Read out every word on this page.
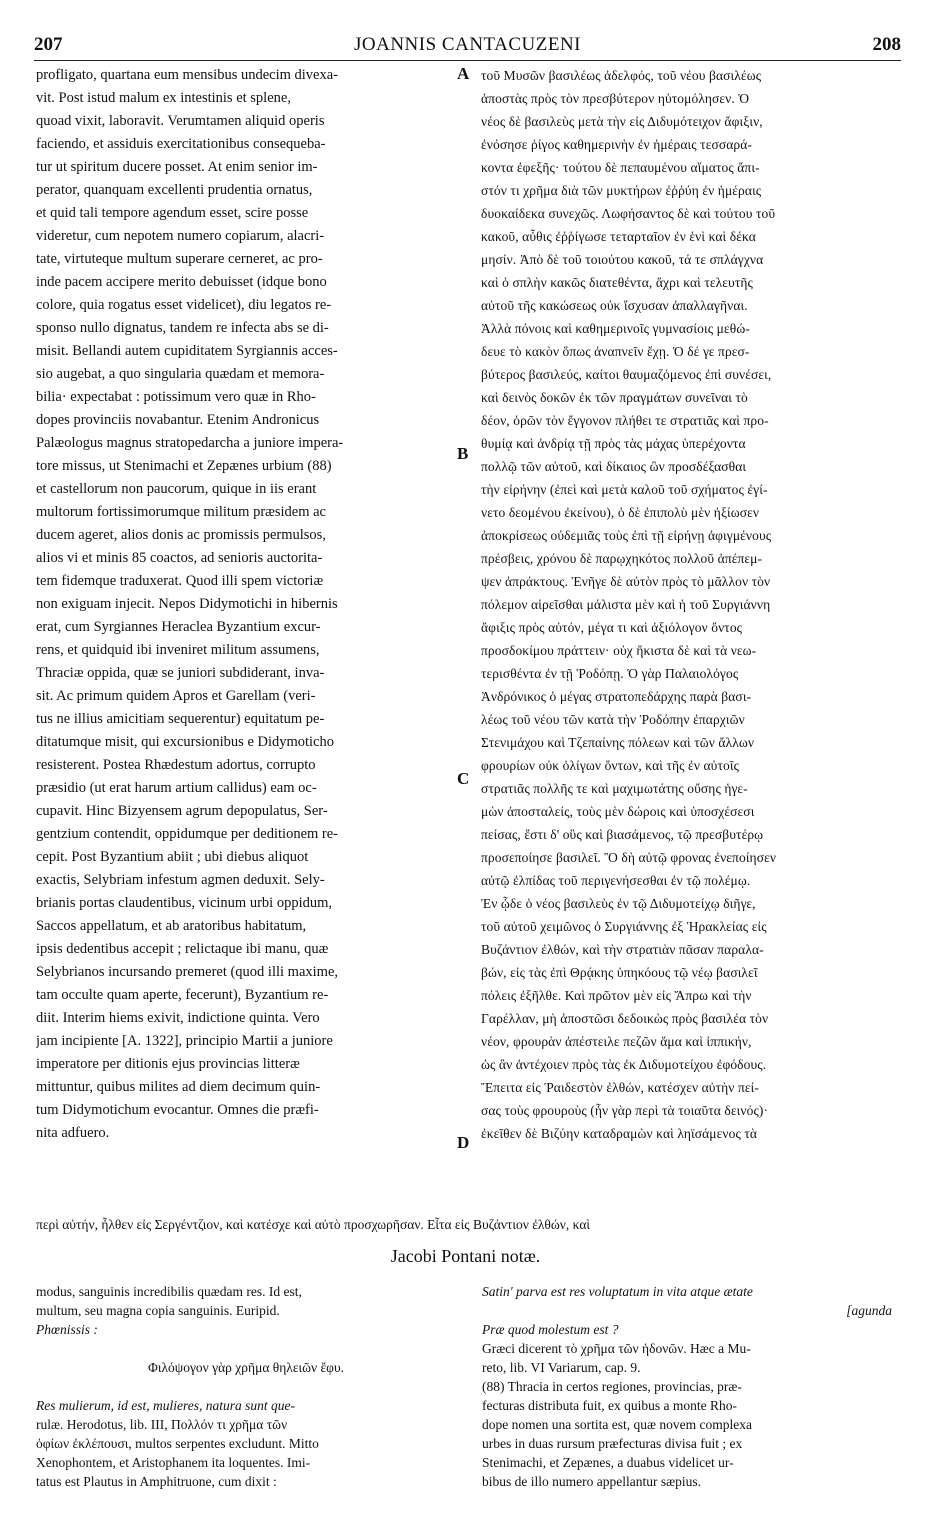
207	JOANNIS CANTACUZENI	208
profligato, quartana eum mensibus undecim divexa-
vit. Post istud malum ex intestinis et splene,
quoad vixit, laboravit. Verumtamen aliquid operis
faciendo, et assiduis exercitationibus consequeba-
tur ut spiritum ducere posset. At enim senior im-
perator, quanquam excellenti prudentia ornatus,
et quid tali tempore agendum esset, scire posse
videretur, cum nepotem numero copiarum, alacri-
tate, virtuteque multum superare cerneret, ac pro-
inde pacem accipere merito debuisset (idque bono
colore, quia rogatus esset videlicet), diu legatos re-
sponso nullo dignatus, tandem re infecta abs se di-
misit. Bellandi autem cupiditatem Syrgiannis acces-
sio augebat, a quo singularia quædam et memora-
bilia· expectabat : potissimum vero quæ in Rho-
dopes provinciis novabantur. Etenim Andronicus
Palæologus magnus stratopedarcha a juniore impera-
tore missus, ut Stenimachi et Zepænes urbium (88)
et castellorum non paucorum, quique in iis erant
multorum fortissimorumque militum præsidem ac
ducem ageret, alios donis ac promissis permulsos,
alios vi et minis 85 coactos, ad senioris auctorita-
tem fidemque traduxerat. Quod illi spem victoriæ
non exiguam injecit. Nepos Didymotichi in hibernis
erat, cum Syrgiannes Heraclea Byzantium excur-
rens, et quidquid ibi inveniret militum assumens,
Thraciæ oppida, quæ se juniori subdiderant, inva-
sit. Ac primum quidem Apros et Garellam (veri-
tus ne illius amicitiam sequerentur) equitatum pe-
ditatumque misit, qui excursionibus e Didymoticho
resisterent. Postea Rhædestum adortus, corrupto
præsidio (ut erat harum artium callidus) eam oc-
cupavit. Hinc Bizyensem agrum depopulatus, Ser-
gentzium contendit, oppidumque per deditionem re-
cepit. Post Byzantium abiit ; ubi diebus aliquot
exactis, Selybriam infestum agmen deduxit. Sely-
brianis portas claudentibus, vicinum urbi oppidum,
Saccos appellatum, et ab aratoribus habitatum,
ipsis dedentibus accepit ; relictaque ibi manu, quæ
Selybrianos incursando premeret (quod illi maxime,
tam occulte quam aperte, fecerunt), Byzantium re-
diit. Interim hiems exivit, indictione quinta. Vero
jam incipiente [A. 1322], principio Martii a juniore
imperatore per ditionis ejus provincias litteræ
mittuntur, quibus milites ad diem decimum quin-
tum Didymotichum evocantur. Omnes die præfi-
nita adfuero.
τοῦ Μυσῶν βασιλέως ἀδελφός, τοῦ νέου βασιλέως
ἀποστὰς πρὸς τὸν πρεσβύτερον ηὐτομόλησεν. Ὁ
νέος δὲ βασιλεὺς μετὰ τὴν εἰς Διδυμότειχον ἄφιξιν,
ἐνόσησε ῥίγος καθημερινὴν ἐν ἡμέραις τεσσαρά-
κοντα ἐφεξῆς· τούτου δὲ πεπαυμένου αἵματος ἄπι-
στόν τι χρῆμα διὰ τῶν μυκτήρων ἐῤῥύη ἐν ἡμέραις
δυοκαίδεκα συνεχῶς. Λωφήσαντος δὲ καὶ τούτου τοῦ
κακοῦ, αὖθις ἐῤῥίγωσε τεταρταῖον ἐν ἑνὶ καὶ δέκα
μησίν. Ἀπὸ δὲ τοῦ τοιούτου κακοῦ, τά τε σπλάγχνα
καὶ ὁ σπλὴν κακῶς διατεθέντα, ἄχρι καὶ τελευτῆς
αὐτοῦ τῆς κακώσεως οὐκ ἴσχυσαν ἀπαλλαγῆναι.
Ἀλλὰ πόνοις καὶ καθημερινοῖς γυμνασίοις μεθώ-
δευε τὸ κακὸν ὅπως ἀναπνεῖν ἔχῃ. Ὁ δέ γε πρεσ-
βύτερος βασιλεύς, καίτοι θαυμαζόμενος ἐπὶ συνέσει,
καὶ δεινὸς δοκῶν ἐκ τῶν πραγμάτων συνεῖναι τὸ
δέον, ὁρῶν τὸν ἔγγονον πλήθει τε στρατιᾶς καὶ προ-
θυμίᾳ καὶ ἀνδρίᾳ τῇ πρὸς τὰς μάχας ὑπερέχοντα
πολλῷ τῶν αὐτοῦ, καὶ δίκαιος ὢν προσδέξασθαι
τὴν εἰρήνην (ἐπεὶ καὶ μετὰ καλοῦ τοῦ σχήματος ἐγί-
νετο δεομένου ἐκείνου), ὁ δὲ ἐπιπολὺ μὲν ἠξίωσεν
ἀποκρίσεως οὐδεμιᾶς τοὺς ἐπὶ τῇ εἰρήνῃ ἀφιγμένους
πρέσβεις, χρόνου δὲ παρῳχηκότος πολλοῦ ἀπέπεμ-
ψεν ἀπράκτους. Ἐνῆγε δὲ αὐτὸν πρὸς τὸ μᾶλλον τὸν
πόλεμον αἱρεῖσθαι μάλιστα μὲν καὶ ἡ τοῦ Συργιάννη
ἄφιξις πρὸς αὐτόν, μέγα τι καὶ ἀξιόλογον ὄντος
προσδοκίμου πράττειν· οὐχ ἥκιστα δὲ καὶ τὰ νεω-
τερισθέντα ἐν τῇ Ῥοδόπῃ. Ὁ γὰρ Παλαιολόγος
Ἀνδρόνικος ὁ μέγας στρατοπεδάρχης παρὰ βασι-
λέως τοῦ νέου τῶν κατὰ τὴν Ῥοδόπην ἐπαρχιῶν
Στενιμάχου καὶ Τζεπαίνης πόλεων καὶ τῶν ἄλλων
φρουρίων οὐκ ὀλίγων ὄντων, καὶ τῆς ἐν αὐτοῖς
στρατιᾶς πολλῆς τε καὶ μαχιμωτάτης οὔσης ἡγε-
μὼν ἀποσταλείς, τοὺς μὲν δώροις καὶ ὑποσχέσεσι
πείσας, ἔστι δ' οὓς καὶ βιασάμενος, τῷ πρεσβυτέρῳ
προσεποίησε βασιλεῖ. Ὃ δὴ αὐτῷ φρονας ἐνεποίησεν
αὐτῷ ἐλπίδας τοῦ περιγενήσεσθαι ἐν τῷ πολέμῳ.
Ἐν ᾧδε ὁ νέος βασιλεὺς ἐν τῷ Διδυμοτείχῳ διῆγε,
τοῦ αὐτοῦ χειμῶνος ὁ Συργιάννης ἐξ Ἡρακλείας εἰς
Βυζάντιον ἐλθών, καὶ τὴν στρατιὰν πᾶσαν παραλα-
βών, εἰς τὰς ἐπὶ Θρᾴκης ὑπηκόους τῷ νέῳ βασιλεῖ
πόλεις ἐξῆλθε. Καὶ πρῶτον μὲν εἰς Ἄπρω καὶ τὴν
Γαρέλλαν, μὴ ἀποστῶσι δεδοικὼς πρὸς βασιλέα τὸν
νέον, φρουρὰν ἀπέστειλε πεζῶν ἅμα καὶ ἱππικήν,
ὡς ἂν ἀντέχοιεν πρὸς τὰς ἐκ Διδυμοτείχου ἐφόδους.
Ἔπειτα εἰς Ῥαιδεστὸν ἐλθών, κατέσχεν αὐτὴν πεί-
σας τοὺς φρουροὺς (ἦν γὰρ περὶ τὰ τοιαῦτα δεινός)·
ἐκεῖθεν δὲ Βιζύην καταδραμὼν καὶ ληϊσάμενος τὰ
A
B
C
D
περὶ αὐτήν, ἦλθεν εἰς Σεργέντζιον, καὶ κατέσχε καὶ αὐτὸ προσχωρῆσαν. Εἶτα εἰς Βυζάντιον ἐλθών, καὶ
Jacobi Pontani notæ.
modus, sanguinis incredibilis quædam res. Id est,
multum, seu magna copia sanguinis. Euripid.
Phœnissis :
Φιλόψογον γὰρ χρῆμα θηλειῶν ἔφυ.
Res mulierum, id est, mulieres, natura sunt que-
rulæ. Herodotus, lib. III, Πολλόν τι χρῆμα τῶν
ὀφίων ἐκλέπουσι, multos serpentes excludunt. Mitto
Xenophontem, et Aristophanem ita loquentes. Imi-
tatus est Plautus in Amphitruone, cum dixit :
Satin' parva est res voluptatum in vita atque ætate
[agunda
Præ quod molestum est ?
Græci dicerent τὸ χρῆμα τῶν ἡδονῶν. Hæc a Mu-
reto, lib. VI Variarum, cap. 9.
(88) Thracia in certos regiones, provincias, præ-
fecturas distributa fuit, ex quibus a monte Rho-
dope nomen una sortita est, quæ novem complexa
urbes in duas rursum præfecturas divisa fuit ; ex
Stenimachi, et Zepænes, a duabus videlicet ur-
bibus de illo numero appellantur sæpius.
